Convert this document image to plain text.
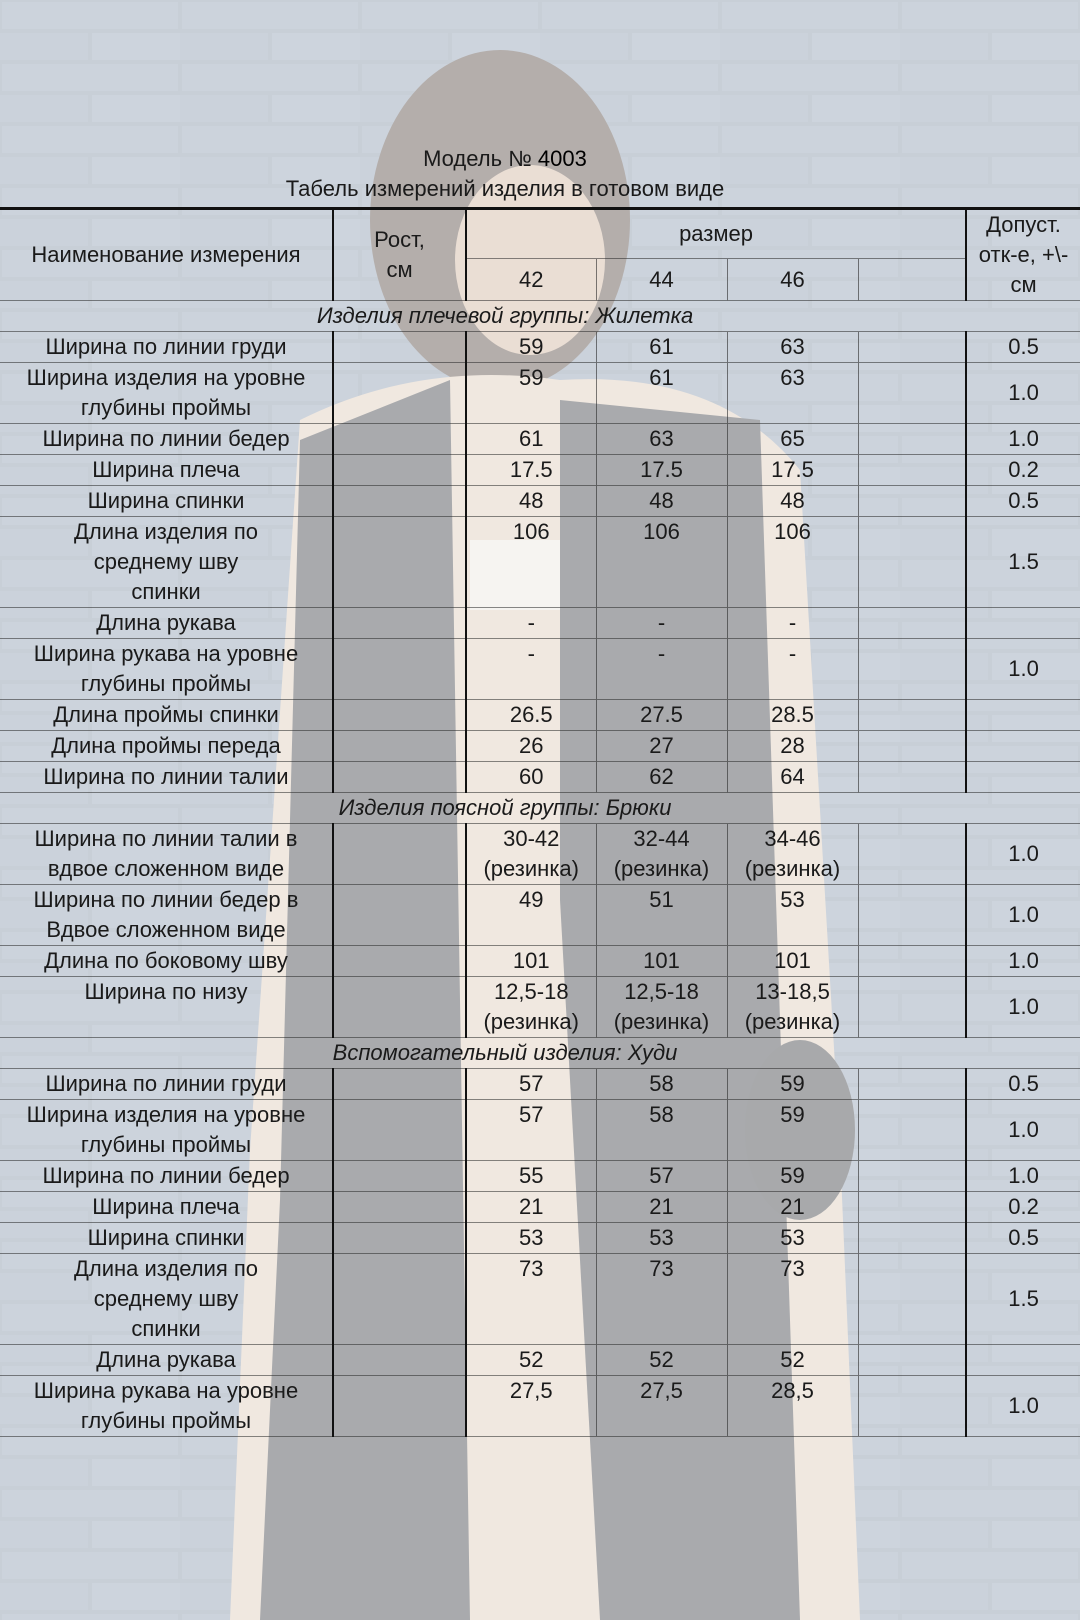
Модель № 4003
Табель измерений изделия в готовом виде
Наименование измерения	Рост, см	размер				Допуст. отк-е, +\-см

		42	44	46		
Изделия плечевой группы: Жилетка						
Ширина по линии груди		59	61	63		0.5
Ширина изделия на уровне глубины проймы		59	61	63		1.0
Ширина по линии бедер		61	63	65		1.0
Ширина плеча		17.5	17.5	17.5		0.2
Ширина спинки		48	48	48		0.5
Длина изделия по среднему шву спинки		106	106	106		1.5
Длина рукава		-	-	-		
Ширина рукава на уровне глубины проймы		-	-	-		1.0
Длина проймы спинки		26.5	27.5	28.5		
Длина проймы переда		26	27	28		
Ширина по линии талии		60	62	64		
Изделия поясной группы: Брюки						
Ширина по линии талии в вдвое сложенном виде		30-42 (резинка)	32-44 (резинка)	34-46 (резинка)		1.0
Ширина по линии бедер в Вдвое сложенном виде		49	51	53		1.0
Длина по боковому шву		101	101	101		1.0
Ширина по низу		12,5-18 (резинка)	12,5-18 (резинка)	13-18,5 (резинка)		1.0
Вспомогательный изделия: Худи						
Ширина по линии груди		57	58	59		0.5
Ширина изделия на уровне глубины проймы		57	58	59		1.0
Ширина по линии бедер		55	57	59		1.0
Ширина плеча		21	21	21		0.2
Ширина спинки		53	53	53		0.5
Длина изделия по среднему шву спинки		73	73	73		1.5
Длина рукава		52	52	52		
Ширина рукава на уровне глубины проймы		27,5	27,5	28,5		1.0
